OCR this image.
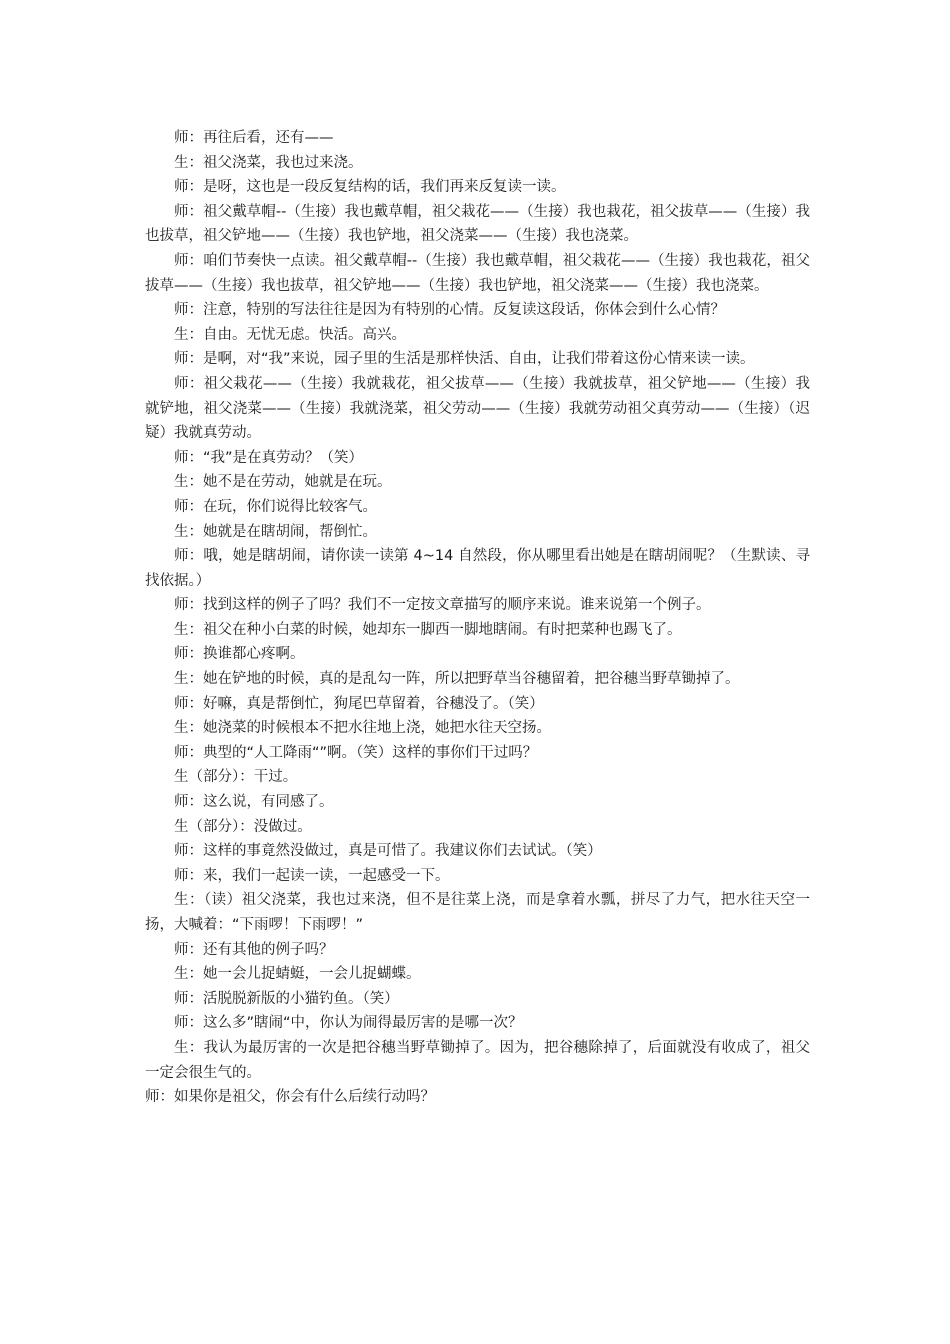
师：再往后看，还有——

生：祖父浇菜，我也过来浇。

师：是呀，这也是一段反复结构的话，我们再来反复读一读。

师：祖父戴草帽--（生接）我也戴草帽，祖父栽花——（生接）我也栽花，祖父拔草——（生接）我也拔草，祖父铲地——（生接）我也铲地，祖父浇菜——（生接）我也浇菜。

师：咱们节奏快一点读。祖父戴草帽--（生接）我也戴草帽，祖父栽花——（生接）我也栽花，祖父拔草——（生接）我也拔草，祖父铲地——（生接）我也铲地，祖父浇菜——（生接）我也浇菜。

师：注意，特别的写法往往是因为有特别的心情。反复读这段话，你体会到什么心情？

生：自由。无忧无虑。快活。高兴。

师：是啊，对“我”来说，园子里的生活是那样快活、自由，让我们带着这份心情来读一读。

师：祖父栽花——（生接）我就栽花，祖父拔草——（生接）我就拔草，祖父铲地——（生接）我就铲地，祖父浇菜——（生接）我就浇菜，祖父劳动——（生接）我就劳动祖父真劳动——（生接）（迟疑）我就真劳动。

师：“我”是在真劳动？（笑）

生：她不是在劳动，她就是在玩。

师：在玩，你们说得比较客气。

生：她就是在瞎胡闹，帮倒忙。

师：哦，她是瞎胡闹，请你读一读第 4~14 自然段，你从哪里看出她是在瞎胡闹呢？（生默读、寻找依据。）

师：找到这样的例子了吗？我们不一定按文章描写的顺序来说。谁来说第一个例子。

生：祖父在种小白菜的时候，她却东一脚西一脚地瞎闹。有时把菜种也踢飞了。

师：换谁都心疼啊。

生：她在铲地的时候，真的是乱勾一阵，所以把野草当谷穗留着，把谷穗当野草锄掉了。

师：好嘛，真是帮倒忙，狗尾巴草留着，谷穗没了。（笑）

生：她浇菜的时候根本不把水往地上浇，她把水往天空扬。

师：典型的“人工降雨“”啊。（笑）这样的事你们干过吗？

生（部分）：干过。

师：这么说，有同感了。

生（部分）：没做过。

师：这样的事竟然没做过，真是可惜了。我建议你们去试试。（笑）

师：来，我们一起读一读，一起感受一下。

生：（读）祖父浇菜，我也过来浇，但不是往菜上浇，而是拿着水瓢，拼尽了力气，把水往天空一扬，大喊着：“下雨啰！下雨啰！”

师：还有其他的例子吗？

生：她一会儿捉蜻蜓，一会儿捉蝴蝶。

师：活脱脱新版的小猫钓鱼。（笑）

师：这么多”瞎闹“中，你认为闹得最厉害的是哪一次？

生：我认为最厉害的一次是把谷穗当野草锄掉了。因为，把谷穗除掉了，后面就没有收成了，祖父一定会很生气的。

师：如果你是祖父，你会有什么后续行动吗？
